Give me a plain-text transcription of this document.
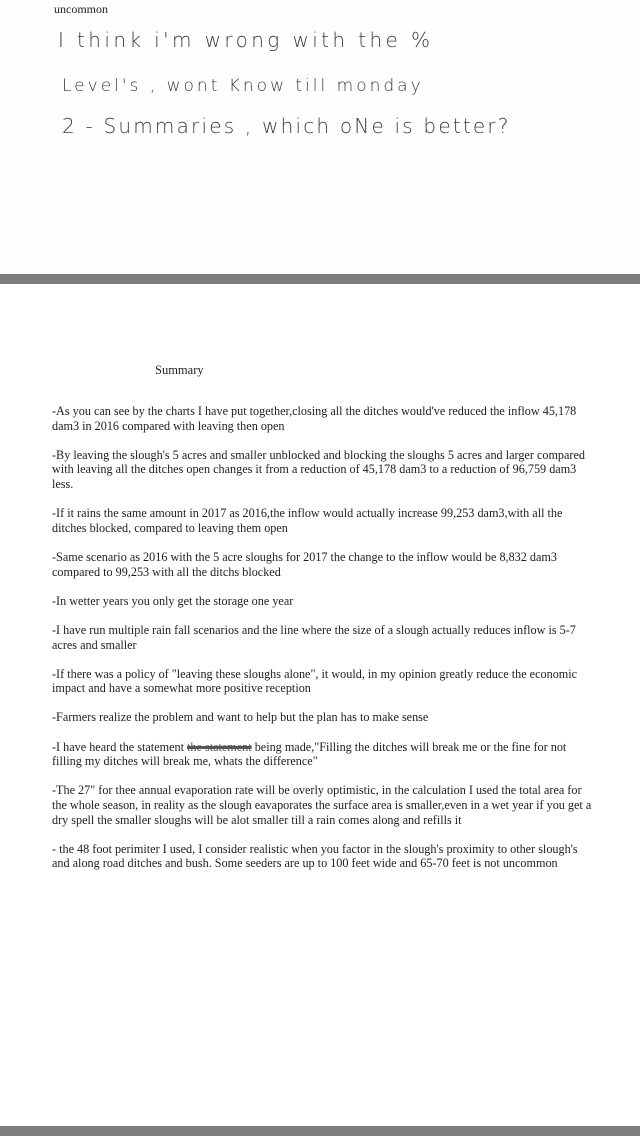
uncommon
I think i'm wrong with the %
Level's , wont Know till monday
2 - Summaries , which oNe is better?
Summary

-As you can see by the charts I have put together,closing all the ditches would've reduced the inflow 45,178 dam3 in 2016 compared with leaving then open

-By leaving the slough's 5 acres and smaller unblocked and blocking the sloughs 5 acres and larger compared with leaving all the ditches open changes it from a reduction of 45,178 dam3 to a reduction of 96,759 dam3 less.

-If it rains the same amount in 2017 as 2016,the inflow would actually increase 99,253 dam3,with all the ditches blocked, compared to leaving them open

-Same scenario as 2016 with the 5 acre sloughs for 2017 the change to the inflow would be 8,832 dam3 compared to 99,253 with all the ditchs blocked

-In wetter years you only get the storage one year

-I have run multiple rain fall scenarios and the line where the size of a slough actually reduces inflow is 5-7 acres and smaller

-If there was a policy of "leaving these sloughs alone", it would, in my opinion greatly reduce the economic impact and have a somewhat more positive reception

-Farmers realize the problem and want to help but the plan has to make sense

-I have heard the statement the statement being made,"Filling the ditches will break me or the fine for not filling my ditches will break me, whats the difference"

-The 27" for thee annual evaporation rate will be overly optimistic, in the calculation I used the total area for the whole season, in reality as the slough eavaporates the surface area is smaller,even in a wet year if you get a dry spell the smaller sloughs will be alot smaller till a rain comes along and refills it

- the 48 foot perimiter I used, I consider realistic when you factor in the slough's proximity to other slough's and along road ditches and bush. Some seeders are up to 100 feet wide and 65-70 feet is not uncommon
